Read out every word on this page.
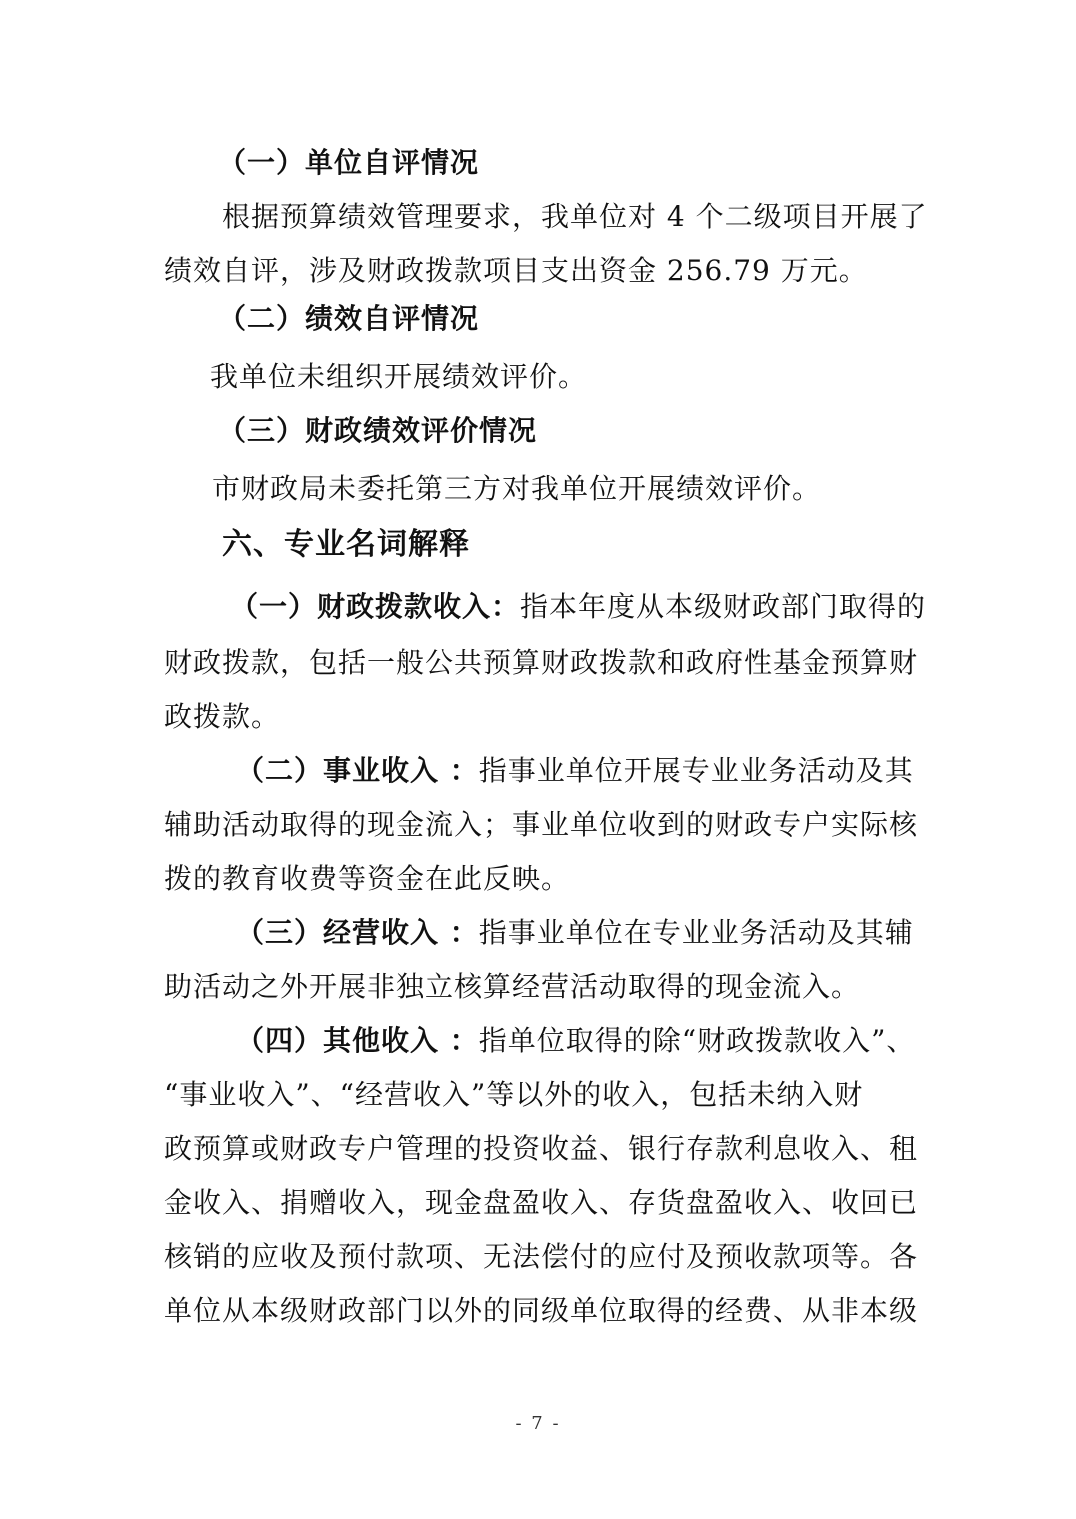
（一）单位自评情况
根据预算绩效管理要求，我单位对 4 个二级项目开展了
绩效自评，涉及财政拨款项目支出资金 256.79 万元。
（二）绩效自评情况
我单位未组织开展绩效评价。
（三）财政绩效评价情况
市财政局未委托第三方对我单位开展绩效评价。
六、专业名词解释
（一）财政拨款收入：指本年度从本级财政部门取得的
财政拨款，包括一般公共预算财政拨款和政府性基金预算财
政拨款。
（二）事业收入 ：指事业单位开展专业业务活动及其
辅助活动取得的现金流入；事业单位收到的财政专户实际核
拨的教育收费等资金在此反映。
（三）经营收入 ：指事业单位在专业业务活动及其辅
助活动之外开展非独立核算经营活动取得的现金流入。
（四）其他收入 ：指单位取得的除“财政拨款收入”、
“事业收入”、“经营收入”等以外的收入，包括未纳入财
政预算或财政专户管理的投资收益、银行存款利息收入、租
金收入、捐赠收入，现金盘盈收入、存货盘盈收入、收回已
核销的应收及预付款项、无法偿付的应付及预收款项等。各
单位从本级财政部门以外的同级单位取得的经费、从非本级
- 7 -
